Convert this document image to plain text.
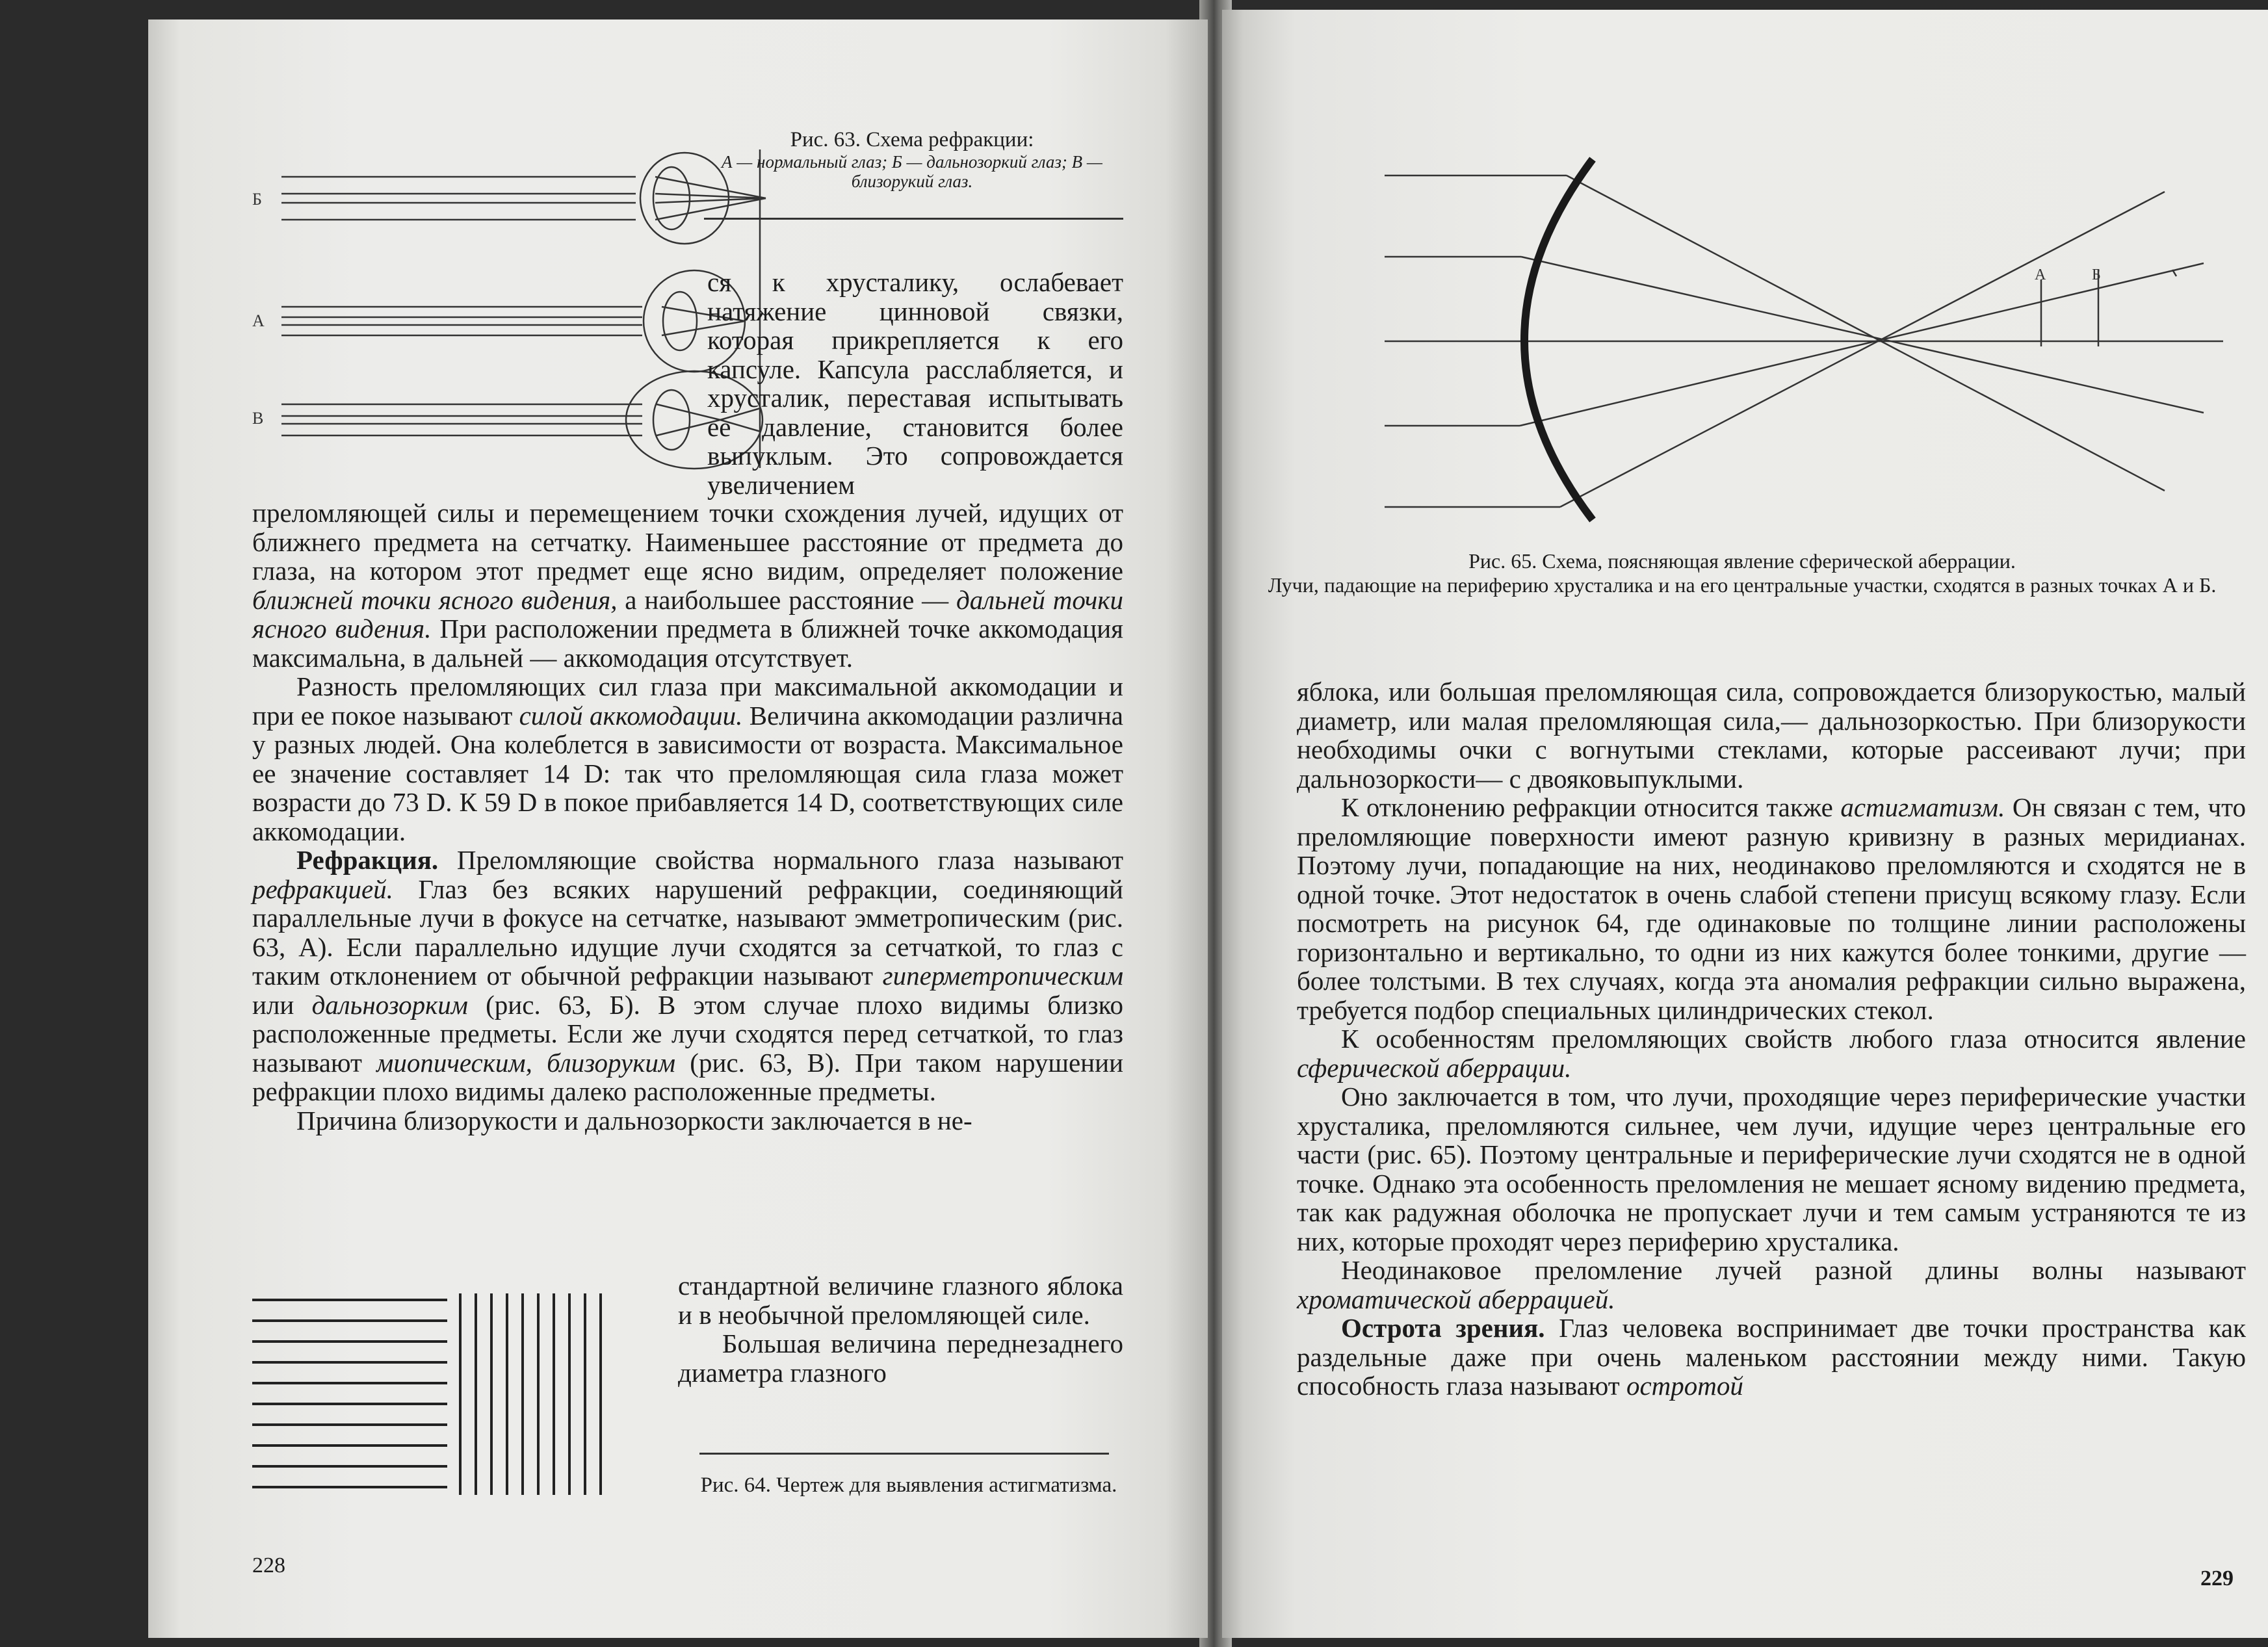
Б
А
В
Рис. 63. Схема рефракции:
А — нормальный глаз; Б — дальнозоркий глаз; В — близорукий глаз.

ся к хрусталику, ослабевает натяжение цинновой связки, которая прикрепляется к его капсуле. Капсула расслабляется, и хрусталик, переставая испытывать ее давление, становится более выпуклым. Это сопровождается увеличением

преломляющей силы и перемещением точки схождения лучей, идущих от ближнего предмета на сетчатку. Наименьшее расстояние от предмета до глаза, на котором этот предмет еще ясно видим, определяет положение ближней точки ясного видения, а наибольшее расстояние — дальней точки ясного видения. При расположении предмета в ближней точке аккомодация максимальна, в дальней — аккомодация отсутствует.

Разность преломляющих сил глаза при максимальной аккомодации и при ее покое называют силой аккомодации. Величина аккомодации различна у разных людей. Она колеблется в зависимости от возраста. Максимальное ее значение составляет 14 D: так что преломляющая сила глаза может возрасти до 73 D. К 59 D в покое прибавляется 14 D, соответствующих силе аккомодации.

Рефракция. Преломляющие свойства нормального глаза называют рефракцией. Глаз без всяких нарушений рефракции, соединяющий параллельные лучи в фокусе на сетчатке, называют эмметропическим (рис. 63, А). Если параллельно идущие лучи сходятся за сетчаткой, то глаз с таким отклонением от обычной рефракции называют гиперметропическим или дальнозорким (рис. 63, Б). В этом случае плохо видимы близко расположенные предметы. Если же лучи сходятся перед сетчаткой, то глаз называют миопическим, близоруким (рис. 63, В). При таком нарушении рефракции плохо видимы далеко расположенные предметы.

Причина близорукости и дальнозоркости заключается в не-

стандартной величине глазного яблока и в необычной преломляющей силе.

Большая величина переднезаднего диаметра глазного

Рис. 64. Чертеж для выявления астигматизма.
228
А	Б
Рис. 65. Схема, поясняющая явление сферической аберрации.
Лучи, падающие на периферию хрусталика и на его центральные участки, сходятся в разных точках А и Б.

яблока, или большая преломляющая сила, сопровождается близорукостью, малый диаметр, или малая преломляющая сила,— дальнозоркостью. При близорукости необходимы очки с вогнутыми стеклами, которые рассеивают лучи; при дальнозоркости— с двояковыпуклыми.

К отклонению рефракции относится также астигматизм. Он связан с тем, что преломляющие поверхности имеют разную кривизну в разных меридианах. Поэтому лучи, попадающие на них, неодинаково преломляются и сходятся не в одной точке. Этот недостаток в очень слабой степени присущ всякому глазу. Если посмотреть на рисунок 64, где одинаковые по толщине линии расположены горизонтально и вертикально, то одни из них кажутся более тонкими, другие — более толстыми. В тех случаях, когда эта аномалия рефракции сильно выражена, требуется подбор специальных цилиндрических стекол.

К особенностям преломляющих свойств любого глаза относится явление сферической аберрации.

Оно заключается в том, что лучи, проходящие через периферические участки хрусталика, преломляются сильнее, чем лучи, идущие через центральные его части (рис. 65). Поэтому центральные и периферические лучи сходятся не в одной точке. Однако эта особенность преломления не мешает ясному видению предмета, так как радужная оболочка не пропускает лучи и тем самым устраняются те из них, которые проходят через периферию хрусталика.

Неодинаковое преломление лучей разной длины волны называют хроматической аберрацией.

Острота зрения. Глаз человека воспринимает две точки пространства как раздельные даже при очень маленьком расстоянии между ними. Такую способность глаза называют остротой

229
